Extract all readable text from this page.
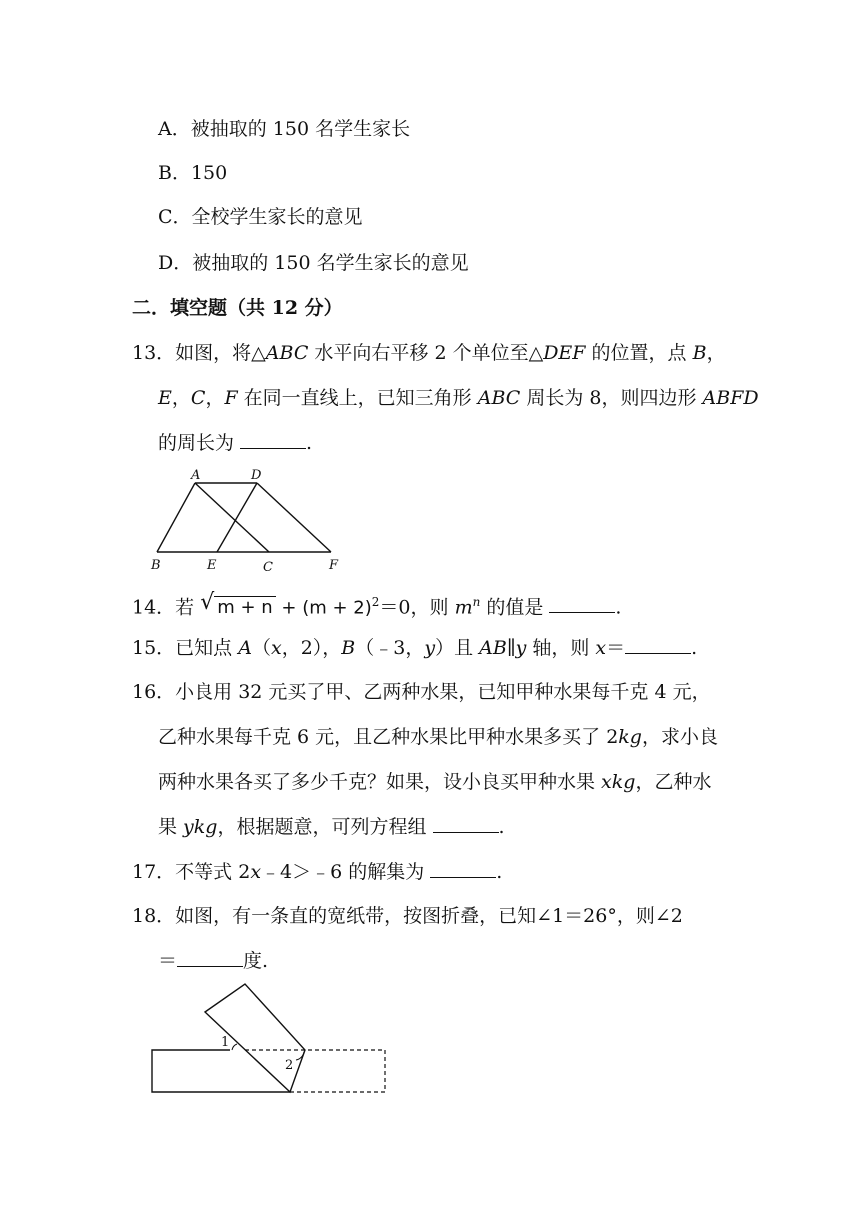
A．被抽取的 150 名学生家长
B．150
C．全校学生家长的意见
D．被抽取的 150 名学生家长的意见
二．填空题（共 12 分）
13．如图，将△ABC 水平向右平移 2 个单位至△DEF 的位置，点 B，
E，C，F 在同一直线上，已知三角形 ABC 周长为 8，则四边形 ABFD
的周长为	.
A	D
B	E	C	F
14．若 √ $m + n + (m + 2)^2=0$，则 $m^n$ 的值是	.
15．已知点 A（x，2），B（﹣3，y）且 AB∥y 轴，则 x＝	.
16．小良用 32 元买了甲、乙两种水果，已知甲种水果每千克 4 元，
乙种水果每千克 6 元，且乙种水果比甲种水果多买了 2kg，求小良
两种水果各买了多少千克？如果，设小良买甲种水果 xkg，乙种水
果 ykg，根据题意，可列方程组	.
17．不等式 2x﹣4＞﹣6 的解集为	.
18．如图，有一条直的宽纸带，按图折叠，已知∠1＝26°，则∠2
＝	度.
1
2
